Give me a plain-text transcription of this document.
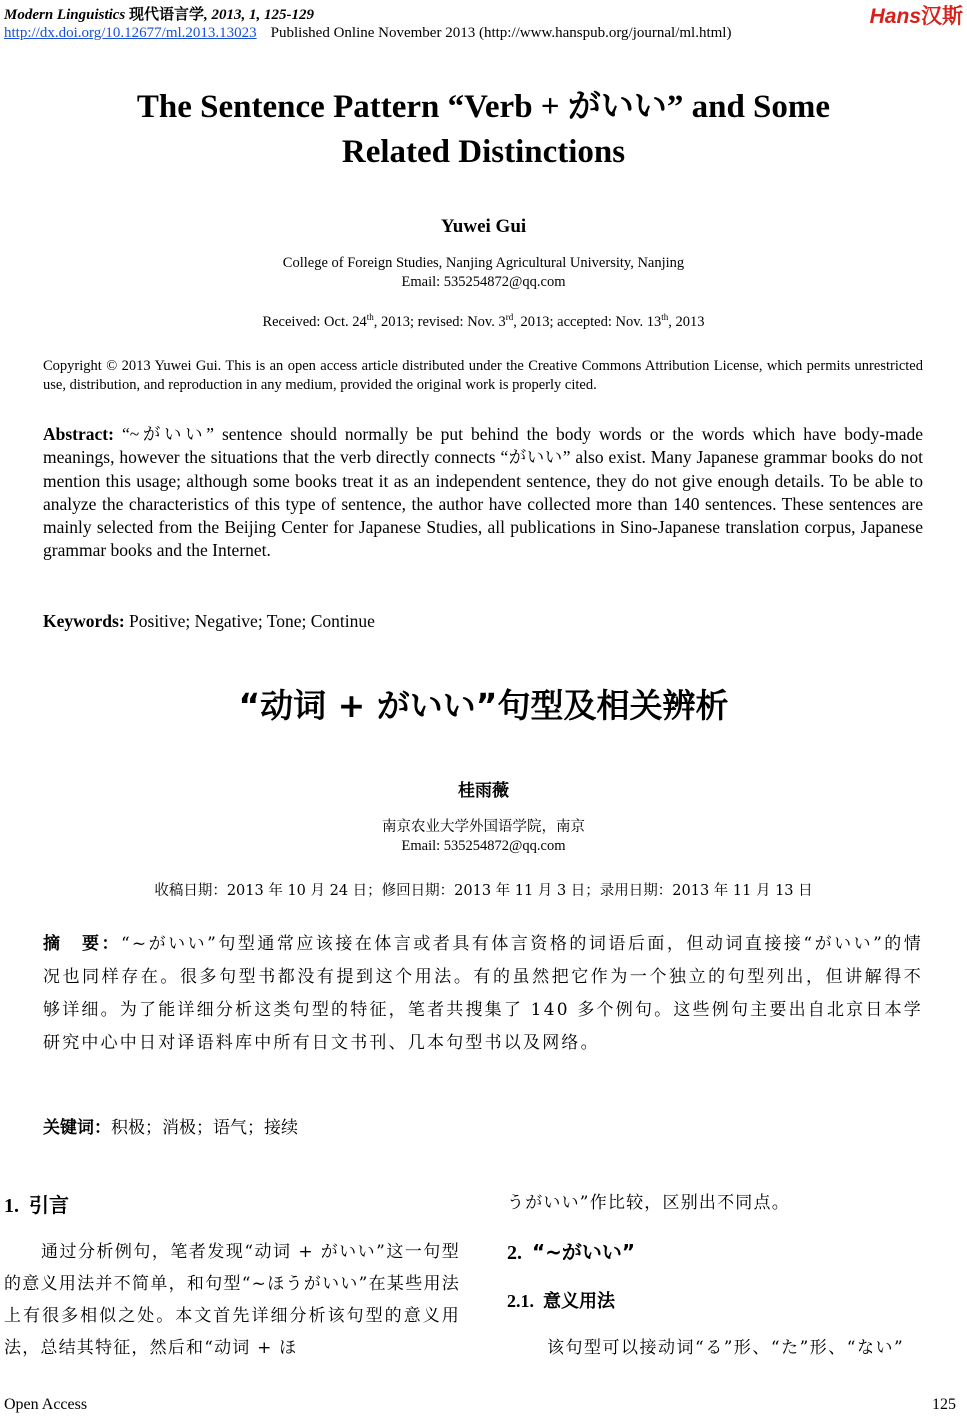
Modern Linguistics 现代语言学, 2013, 1, 125-129
http://dx.doi.org/10.12677/ml.2013.13023 Published Online November 2013 (http://www.hanspub.org/journal/ml.html)
Hans汉斯
The Sentence Pattern “Verb + がいい” and Some
Related Distinctions
Yuwei Gui
College of Foreign Studies, Nanjing Agricultural University, Nanjing
Email: 535254872@qq.com
Received: Oct. 24th, 2013; revised: Nov. 3rd, 2013; accepted: Nov. 13th, 2013
Copyright © 2013 Yuwei Gui. This is an open access article distributed under the Creative Commons Attribution License, which permits unrestricted use, distribution, and reproduction in any medium, provided the original work is properly cited.
Abstract: “~がいい” sentence should normally be put behind the body words or the words which have body-made meanings, however the situations that the verb directly connects “がいい” also exist. Many Japanese grammar books do not mention this usage; although some books treat it as an independent sentence, they do not give enough details. To be able to analyze the characteristics of this type of sentence, the author have collected more than 140 sentences. These sentences are mainly selected from the Beijing Center for Japanese Studies, all publications in Sino-Japanese translation corpus, Japanese grammar books and the Internet.
Keywords: Positive; Negative; Tone; Continue
“动词 + がいい”句型及相关辨析
桂雨薇
南京农业大学外国语学院，南京
Email: 535254872@qq.com
收稿日期：2013 年 10 月 24 日；修回日期：2013 年 11 月 3 日；录用日期：2013 年 11 月 13 日
摘　要：“~がいい”句型通常应该接在体言或者具有体言资格的词语后面，但动词直接接“がいい”的情况也同样存在。很多句型书都没有提到这个用法。有的虽然把它作为一个独立的句型列出，但讲解得不够详细。为了能详细分析这类句型的特征，笔者共搜集了 140 多个例句。这些例句主要出自北京日本学研究中心中日对译语料库中所有日文书刊、几本句型书以及网络。
关键词：积极；消极；语气；接续
1. 引言
　　通过分析例句，笔者发现“动词 + がいい”这一句型的意义用法并不简单，和句型“~ほうがいい”在某些用法上有很多相似之处。本文首先详细分析该句型的意义用法，总结其特征，然后和“动词 + ほ
うがいい”作比较，区别出不同点。
2. “~がいい”
2.1. 意义用法
该句型可以接动词“る”形、“た”形、“ない”
Open Access	125
